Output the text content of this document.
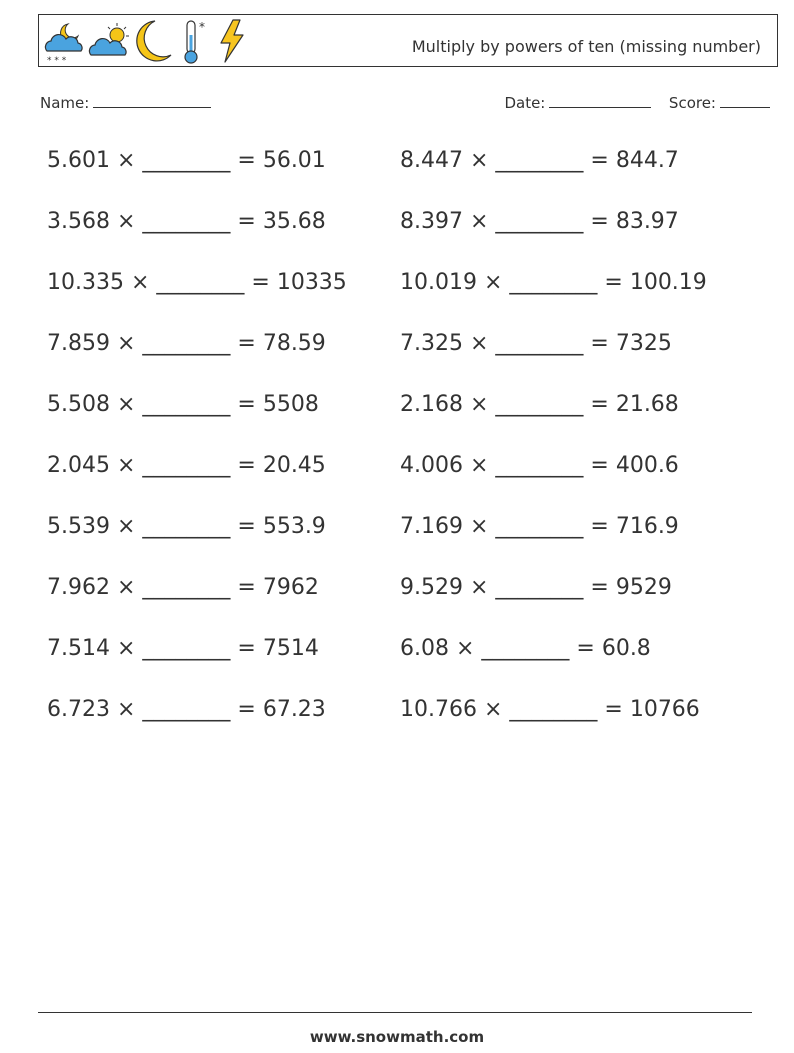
* * *
*
Multiply by powers of ten (missing number)
Name:	Date:	Score:
5.601 × ________ = 56.01	8.447 × ________ = 844.7
3.568 × ________ = 35.68	8.397 × ________ = 83.97
10.335 × ________ = 10335 10.019 × ________ = 100.19
7.859 × ________ = 78.59	7.325 × ________ = 7325
5.508 × ________ = 5508	2.168 × ________ = 21.68
2.045 × ________ = 20.45	4.006 × ________ = 400.6
5.539 × ________ = 553.9	7.169 × ________ = 716.9
7.962 × ________ = 7962	9.529 × ________ = 9529
7.514 × ________ = 7514	6.08 × ________ = 60.8
6.723 × ________ = 67.23	10.766 × ________ = 10766
www.snowmath.com
